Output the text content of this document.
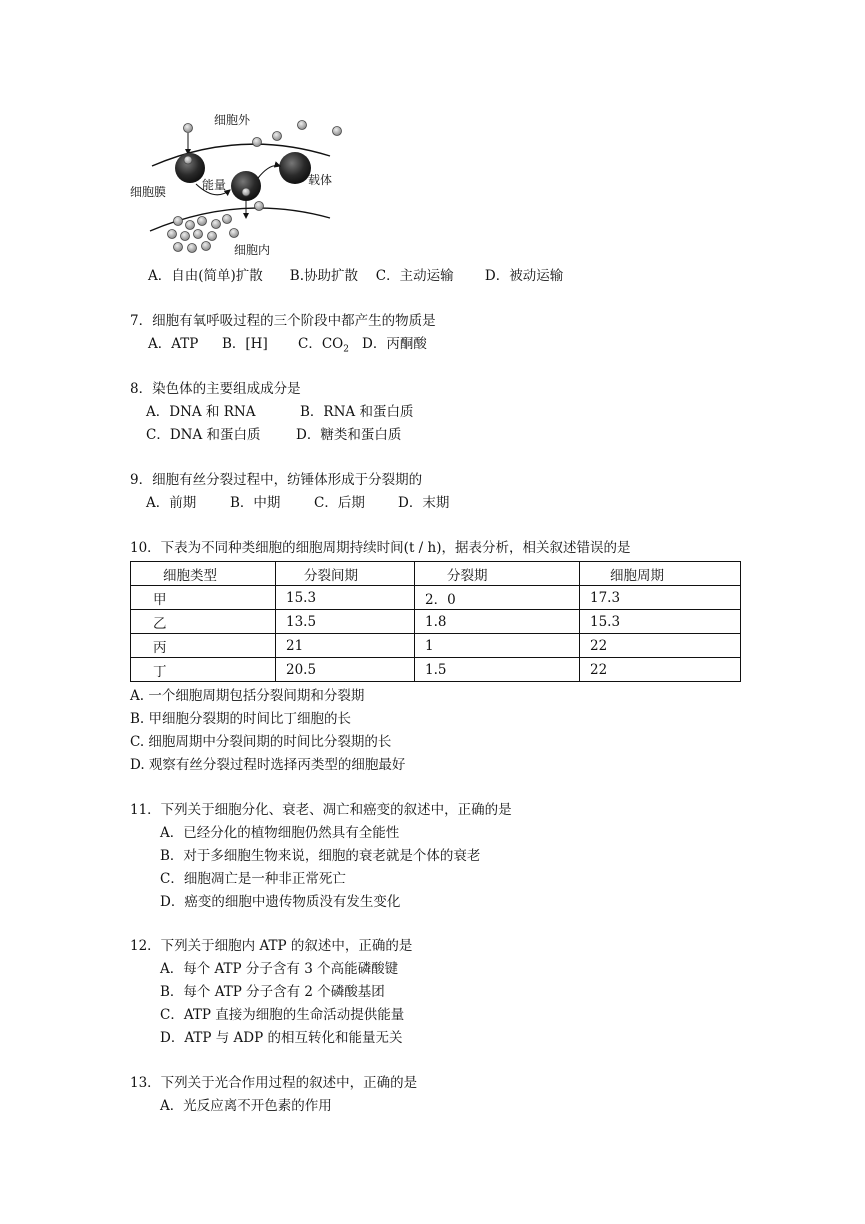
细胞外
细胞膜	能量	载体
细胞内
A．自由(简单)扩散　　B.协助扩散　 C．主动运输　　 D．被动运输
7．细胞有氧呼吸过程的三个阶段中都产生的物质是
A．ATP B．[H] C．$CO_2$ D．丙酮酸
8．染色体的主要组成成分是
A．DNA 和 RNA	B．RNA 和蛋白质
C．DNA 和蛋白质	D．糖类和蛋白质
9．细胞有丝分裂过程中，纺锤体形成于分裂期的
A．前期	B．中期 C．后期 D．末期
10．下表为不同种类细胞的细胞周期持续时间(t / h)，据表分析，相关叙述错误的是
细胞类型	分裂间期	分裂期	细胞周期
甲	15.3	2．0	17.3
乙	13.5	1.8	15.3
丙	21	1	22
丁	20.5	1.5	22
A. 一个细胞周期包括分裂间期和分裂期
B. 甲细胞分裂期的时间比丁细胞的长
C. 细胞周期中分裂间期的时间比分裂期的长
D. 观察有丝分裂过程时选择丙类型的细胞最好
11．下列关于细胞分化、衰老、凋亡和癌变的叙述中，正确的是
A．已经分化的植物细胞仍然具有全能性
B．对于多细胞生物来说，细胞的衰老就是个体的衰老
C．细胞凋亡是一种非正常死亡
D．癌变的细胞中遗传物质没有发生变化
12．下列关于细胞内 ATP 的叙述中，正确的是
A．每个 ATP 分子含有 3 个高能磷酸键
B．每个 ATP 分子含有 2 个磷酸基团
C．ATP 直接为细胞的生命活动提供能量
D．ATP 与 ADP 的相互转化和能量无关
13．下列关于光合作用过程的叙述中，正确的是
A．光反应离不开色素的作用
